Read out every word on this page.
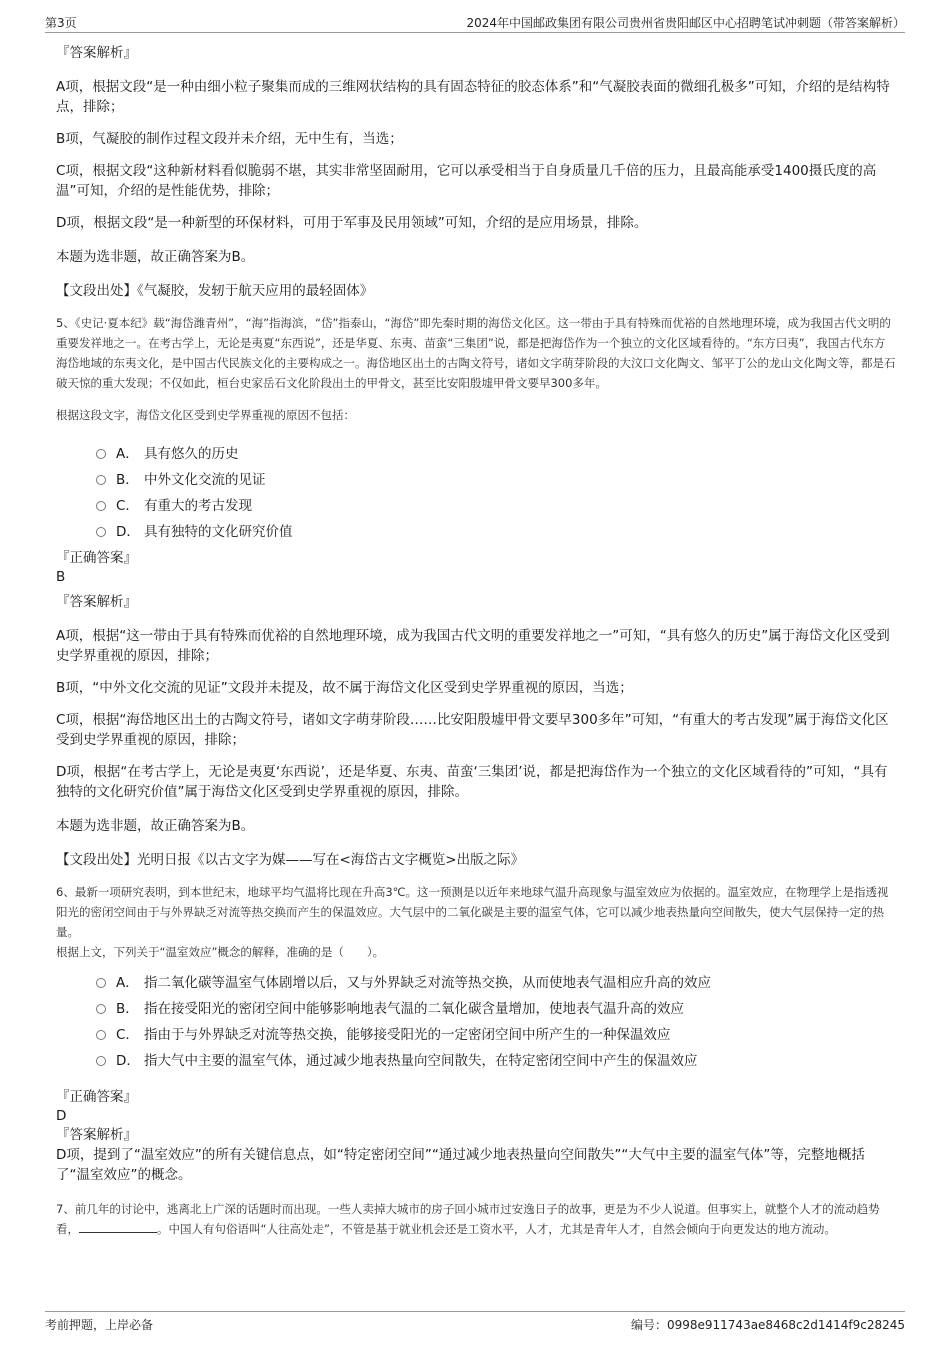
第3页	2024年中国邮政集团有限公司贵州省贵阳邮区中心招聘笔试冲刺题（带答案解析）
『答案解析』

A项，根据文段“是一种由细小粒子聚集而成的三维网状结构的具有固态特征的胶态体系”和“气凝胶表面的微细孔极多”可知，介绍的是结构特点，排除；

B项，气凝胶的制作过程文段并未介绍，无中生有，当选；

C项，根据文段“这种新材料看似脆弱不堪，其实非常坚固耐用，它可以承受相当于自身质量几千倍的压力，且最高能承受1400摄氏度的高温”可知，介绍的是性能优势，排除；

D项，根据文段“是一种新型的环保材料，可用于军事及民用领域”可知，介绍的是应用场景，排除。

本题为选非题，故正确答案为B。

【文段出处】《气凝胶，发轫于航天应用的最轻固体》

5、《史记·夏本纪》载“海岱潍青州”，“海”指海滨，“岱”指泰山，“海岱”即先秦时期的海岱文化区。这一带由于具有特殊而优裕的自然地理环境，成为我国古代文明的重要发祥地之一。在考古学上，无论是夷夏“东西说”，还是华夏、东夷、苗蛮“三集团”说，都是把海岱作为一个独立的文化区域看待的。“东方曰夷”，我国古代东方海岱地域的东夷文化，是中国古代民族文化的主要构成之一。海岱地区出土的古陶文符号，诸如文字萌芽阶段的大汶口文化陶文、邹平丁公的龙山文化陶文等，都是石破天惊的重大发现；不仅如此，桓台史家岳石文化阶段出土的甲骨文，甚至比安阳殷墟甲骨文要早300多年。

根据这段文字，海岱文化区受到史学界重视的原因不包括：

A． 具有悠久的历史
B． 中外文化交流的见证
C． 有重大的考古发现
D． 具有独特的文化研究价值
『正确答案』
B
『答案解析』

A项，根据“这一带由于具有特殊而优裕的自然地理环境，成为我国古代文明的重要发祥地之一”可知，“具有悠久的历史”属于海岱文化区受到史学界重视的原因，排除；

B项，“中外文化交流的见证”文段并未提及，故不属于海岱文化区受到史学界重视的原因，当选；

C项，根据“海岱地区出土的古陶文符号，诸如文字萌芽阶段……比安阳殷墟甲骨文要早300多年”可知，“有重大的考古发现”属于海岱文化区受到史学界重视的原因，排除；

D项，根据“在考古学上，无论是夷夏‘东西说’，还是华夏、东夷、苗蛮‘三集团’说，都是把海岱作为一个独立的文化区域看待的”可知，“具有独特的文化研究价值”属于海岱文化区受到史学界重视的原因，排除。

本题为选非题，故正确答案为B。

【文段出处】光明日报《以古文字为媒——写在<海岱古文字概览>出版之际》

6、最新一项研究表明，到本世纪末，地球平均气温将比现在升高3℃。这一预测是以近年来地球气温升高现象与温室效应为依据的。温室效应，在物理学上是指透视阳光的密闭空间由于与外界缺乏对流等热交换而产生的保温效应。大气层中的二氧化碳是主要的温室气体，它可以减少地表热量向空间散失，使大气层保持一定的热量。

根据上文，下列关于“温室效应”概念的解释，准确的是（　　）。

A． 指二氧化碳等温室气体剧增以后，又与外界缺乏对流等热交换，从而使地表气温相应升高的效应
B． 指在接受阳光的密闭空间中能够影响地表气温的二氧化碳含量增加，使地表气温升高的效应
C． 指由于与外界缺乏对流等热交换，能够接受阳光的一定密闭空间中所产生的一种保温效应
D． 指大气中主要的温室气体，通过减少地表热量向空间散失，在特定密闭空间中产生的保温效应
『正确答案』
D
『答案解析』

D项，提到了“温室效应”的所有关键信息点，如“特定密闭空间”“通过减少地表热量向空间散失”“大气中主要的温室气体”等，完整地概括了“温室效应”的概念。

7、前几年的讨论中，逃离北上广深的话题时而出现。一些人卖掉大城市的房子回小城市过安逸日子的故事，更是为不少人说道。但事实上，就整个人才的流动趋势看，	。中国人有句俗语叫“人往高处走”，不管是基于就业机会还是工资水平，人才，尤其是青年人才，自然会倾向于向更发达的地方流动。

考前押题，上岸必备	编号：0998e911743ae8468c2d1414f9c28245
